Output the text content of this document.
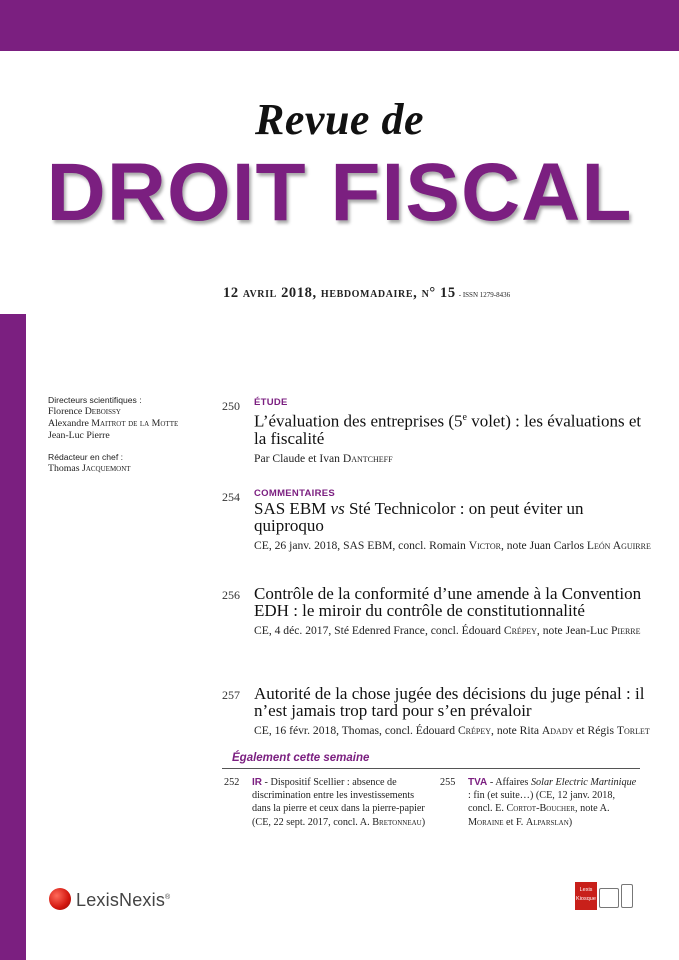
Revue de
DROIT FISCAL
12 avril 2018, hebdomadaire, n° 15 - ISSN 1279-8436
Directeurs scientifiques :
Florence Deboissy
Alexandre Maitrot de la Motte
Jean-Luc Pierre
Rédacteur en chef :
Thomas Jacquemont
250 ÉTUDE
L’évaluation des entreprises (5e volet) : les évaluations et la fiscalité
Par Claude et Ivan Dantcheff
254 COMMENTAIRES
SAS EBM vs Sté Technicolor : on peut éviter un quiproquo
CE, 26 janv. 2018, SAS EBM, concl. Romain Victor, note Juan Carlos León Aguirre
256 Contrôle de la conformité d’une amende à la Convention EDH : le miroir du contrôle de constitutionnalité
CE, 4 déc. 2017, Sté Edenred France, concl. Édouard Crépey, note Jean-Luc Pierre
257 Autorité de la chose jugée des décisions du juge pénal : il n’est jamais trop tard pour s’en prévaloir
CE, 16 févr. 2018, Thomas, concl. Édouard Crépey, note Rita Adady et Régis Torlet
Également cette semaine
252 IR - Dispositif Scellier : absence de discrimination entre les investissements dans la pierre et ceux dans la pierre-papier (CE, 22 sept. 2017, concl. A. Bretonneau)
255 TVA - Affaires Solar Electric Martinique : fin (et suite…) (CE, 12 janv. 2018, concl. E. Cortot-Boucher, note A. Moraine et F. Alparslan)
LexisNexis®
Lexis
Kiosque
